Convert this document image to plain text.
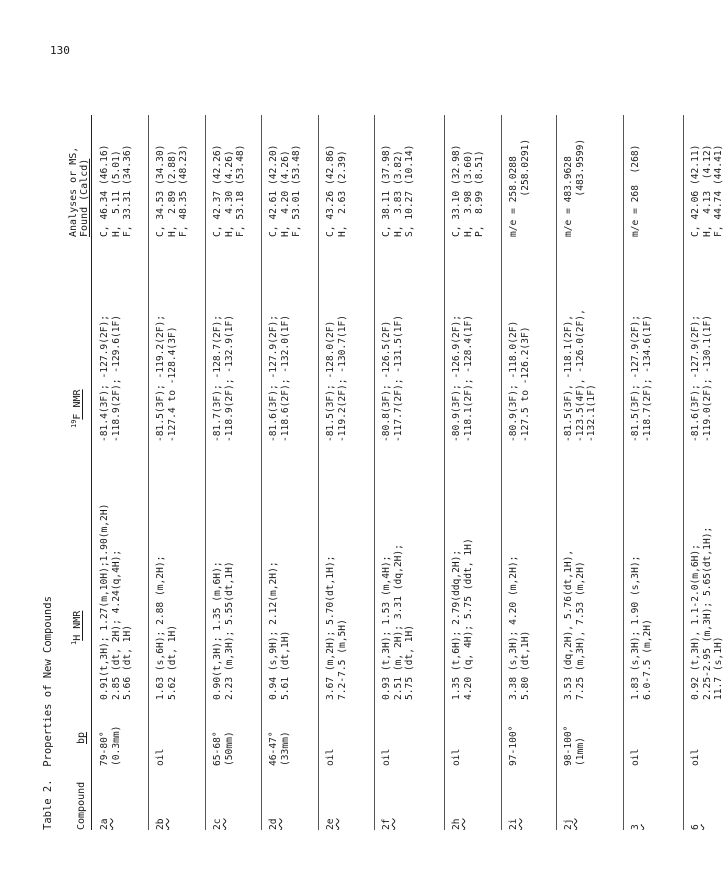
130
Table 2.  Properties of New Compounds Compound
bp
$^1$H NMR
$^{19}$F NMR
Analyses or MS, Found (Calcd)
2a
79-80° (0.3mm)
0.91(t,3H); 1.27(m,10H);1.90(m,2H) 2.85 (dt, 2H); 4.24(q,4H); 5.66 (dt, 1H)
-81.4(3F); -127.9(2F); -118.9(2F); -129.6(1F)
C, 46.34 (46.16) H,  5.11 (5.01) F, 33.31 (34.36)
2b
oil
1.63 (s,6H); 2.88 (m,2H); 5.62 (dt, 1H)
-81.5(3F); -119.2(2F); -127.4 to -128.4(3F)
C, 34.53 (34.30) H,  2.89 (2.88) F, 48.35 (48.23)
2c
65-68° (50mm)
0.90(t,3H); 1.35 (m,6H); 2.23 (m,3H); 5.55(dt,1H)
-81.7(3F); -128.7(2F); -118.9(2F); -132.9(1F)
C, 42.37 (42.26) H,  4.30 (4.26) F, 53.18 (53.48)
2d
46-47° (33mm)
0.94 (s,9H); 2.12(m,2H); 5.61 (dt,1H)
-81.6(3F); -127.9(2F); -118.6(2F); -132.0(1F)
C, 42.61 (42.20) H,  4.20 (4.26) F, 53.01 (53.48)
2e
oil
3.67 (m,2H); 5.70(dt,1H); 7.2-7.5 (m,5H)
-81.5(3F); -128.0(2F) -119.2(2F); -130.7(1F)
C, 43.26 (42.86) H,  2.63 (2.39)
2f
oil
0.93 (t,3H); 1.53 (m,4H); 2.51 (m, 2H); 3.31 (dq,2H); 5.75 (dt, 1H)
-80.8(3F); -126.5(2F) -117.7(2F); -131.5(1F)
C, 38.11 (37.98) H,  3.83 (3.82) S, 10.27 (10.14)
2h
oil
1.35 (t,6H); 2.79(ddq,2H); 4.20 (q, 4H); 5.75 (ddt, 1H)
-80.9(3F); -126.9(2F); -118.1(2F); -128.4(1F)
C, 33.10 (32.98) H,  3.98 (3.60) P,  8.99 (8.51)
2i
97-100°
3.38 (s,3H); 4.20 (m,2H); 5.80 (dt,1H)
-80.9(3F); -118.0(2F) -127.5 to -126.2(3F)
m/e = 258.0288 (258.0291)
2j
98-100° (1mm)
3.53 (dq,2H), 5.76(dt,1H), 7.25 (m,3H), 7.53 (m,2H)
-81.5(3F), -118.1(2F), -123.5(4F), -126.0(2F), -132.1(1F)
m/e = 483.9628 (483.9599)
3
oil
1.83 (s,3H); 1.90 (s,3H); 6.0-7.5 (m,2H)
-81.5(3F); -127.9(2F); -118.7(2F); -134.6(1F)
m/e = 268  (268)
6
oil
0.92 (t,3H), 1.1-2.0(m,6H); 2.25-2.95 (m,3H); 5.65(dt,1H); 11.7 (s,1H)
-81.6(3F); -127.9(2F); -119.0(2F); -130.1(1F)
C, 42.06 (42.11) H,  4.13  (4.12) F, 44.74 (44.41)
